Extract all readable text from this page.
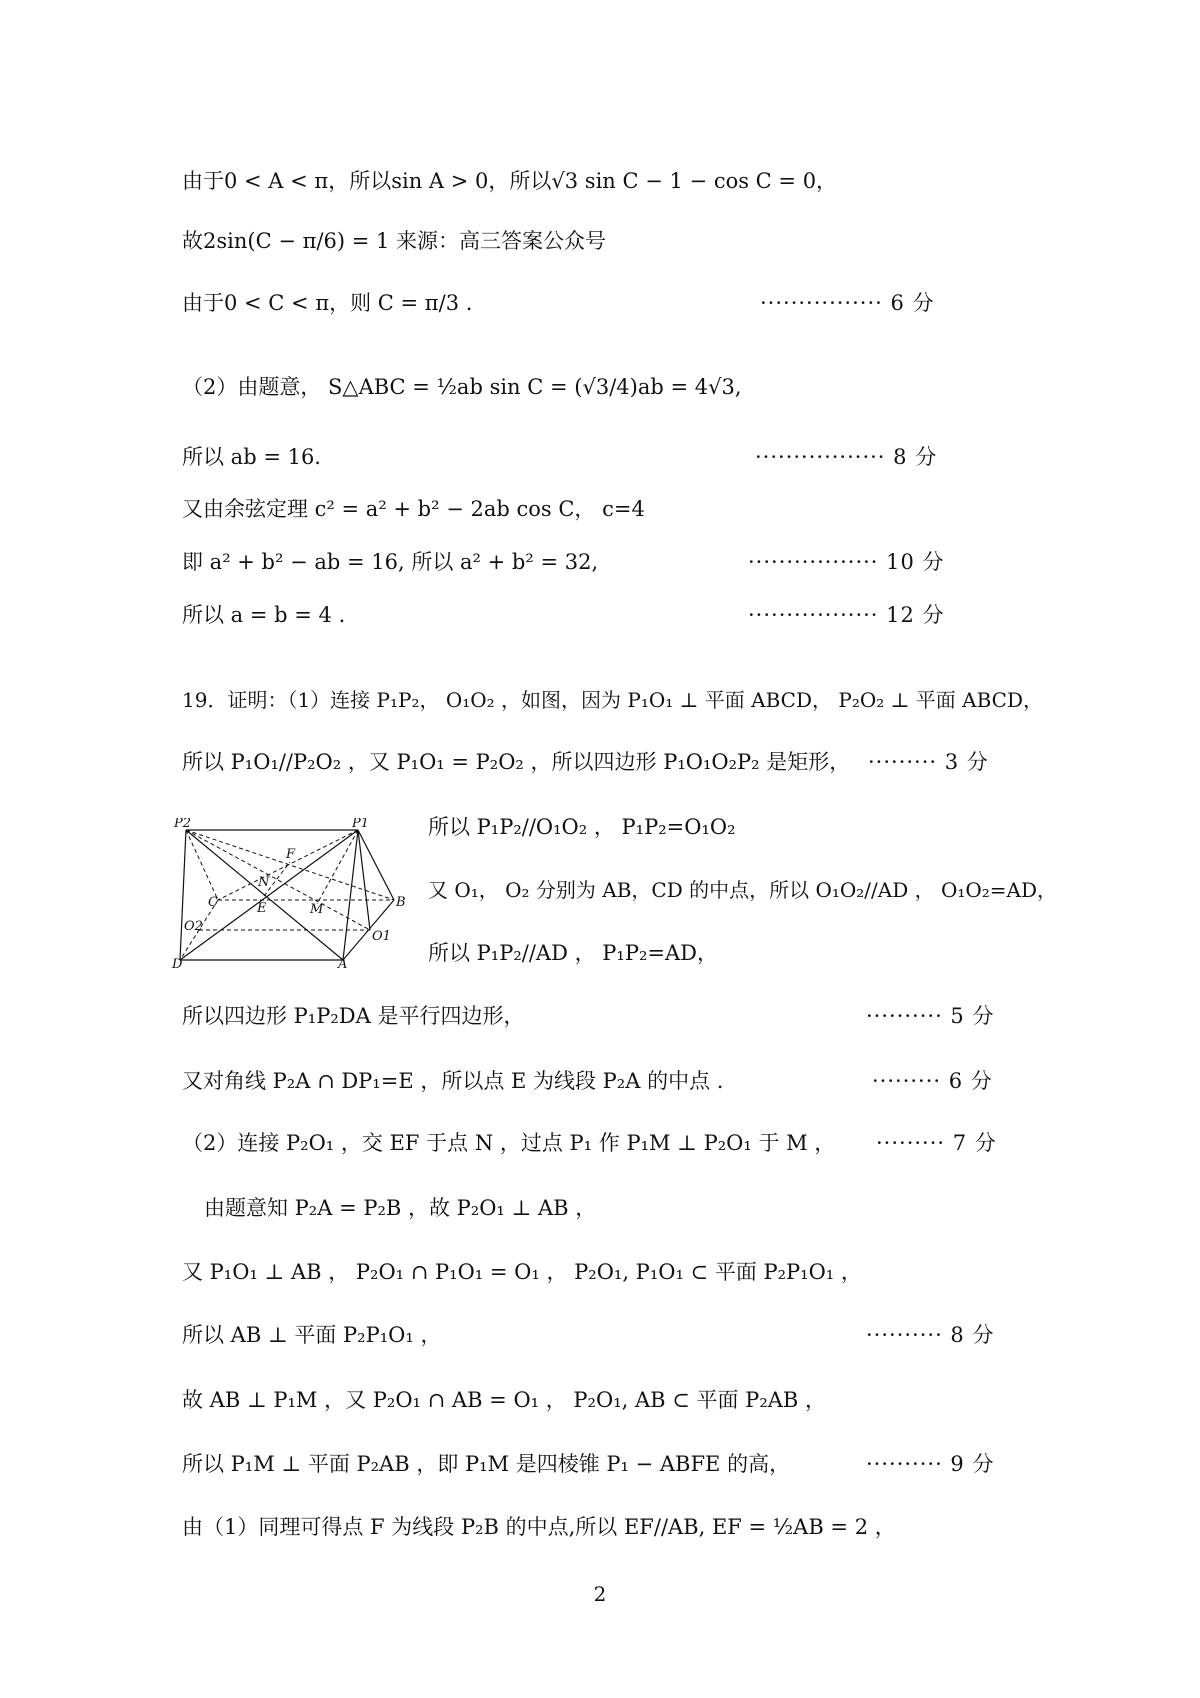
由于0 < A < π，所以sin A > 0，所以√3 sin C − 1 − cos C = 0，
故2sin(C − π/6) = 1 来源：高三答案公众号
由于0 < C < π，则 C = π/3 .	················ 6 分
（2）由题意， S△ABC = ½ab sin C = (√3/4)ab = 4√3,
所以 ab = 16.	················· 8 分
又由余弦定理 c² = a² + b² − 2ab cos C， c=4
即 a² + b² − ab = 16, 所以 a² + b² = 32,	················· 10 分
所以 a = b = 4 .	················· 12 分
19．证明：（1）连接 P₁P₂， O₁O₂ ，如图，因为 P₁O₁ ⊥ 平面 ABCD， P₂O₂ ⊥ 平面 ABCD，
所以 P₁O₁//P₂O₂ ，又 P₁O₁ = P₂O₂ ，所以四边形 P₁O₁O₂P₂ 是矩形， ········· 3 分
所以 P₁P₂//O₁O₂ ， P₁P₂=O₁O₂
又 O₁， O₂ 分别为 AB，CD 的中点，所以 O₁O₂//AD ， O₁O₂=AD，
所以 P₁P₂//AD ， P₁P₂=AD，
P2	P1
F
N
C	E	M	B
O2
O1
D	A
所以四边形 P₁P₂DA 是平行四边形，	·········· 5 分
又对角线 P₂A ∩ DP₁=E ，所以点 E 为线段 P₂A 的中点 .	········· 6 分
（2）连接 P₂O₁ ，交 EF 于点 N ，过点 P₁ 作 P₁M ⊥ P₂O₁ 于 M ， ········· 7 分
由题意知 P₂A = P₂B ，故 P₂O₁ ⊥ AB ，
又 P₁O₁ ⊥ AB ， P₂O₁ ∩ P₁O₁ = O₁ ， P₂O₁, P₁O₁ ⊂ 平面 P₂P₁O₁ ，
所以 AB ⊥ 平面 P₂P₁O₁ ，	·········· 8 分
故 AB ⊥ P₁M ，又 P₂O₁ ∩ AB = O₁ ， P₂O₁, AB ⊂ 平面 P₂AB ，
所以 P₁M ⊥ 平面 P₂AB ，即 P₁M 是四棱锥 P₁ − ABFE 的高，	·········· 9 分
由（1）同理可得点 F 为线段 P₂B 的中点,所以 EF//AB, EF = ½AB = 2 ，
2
